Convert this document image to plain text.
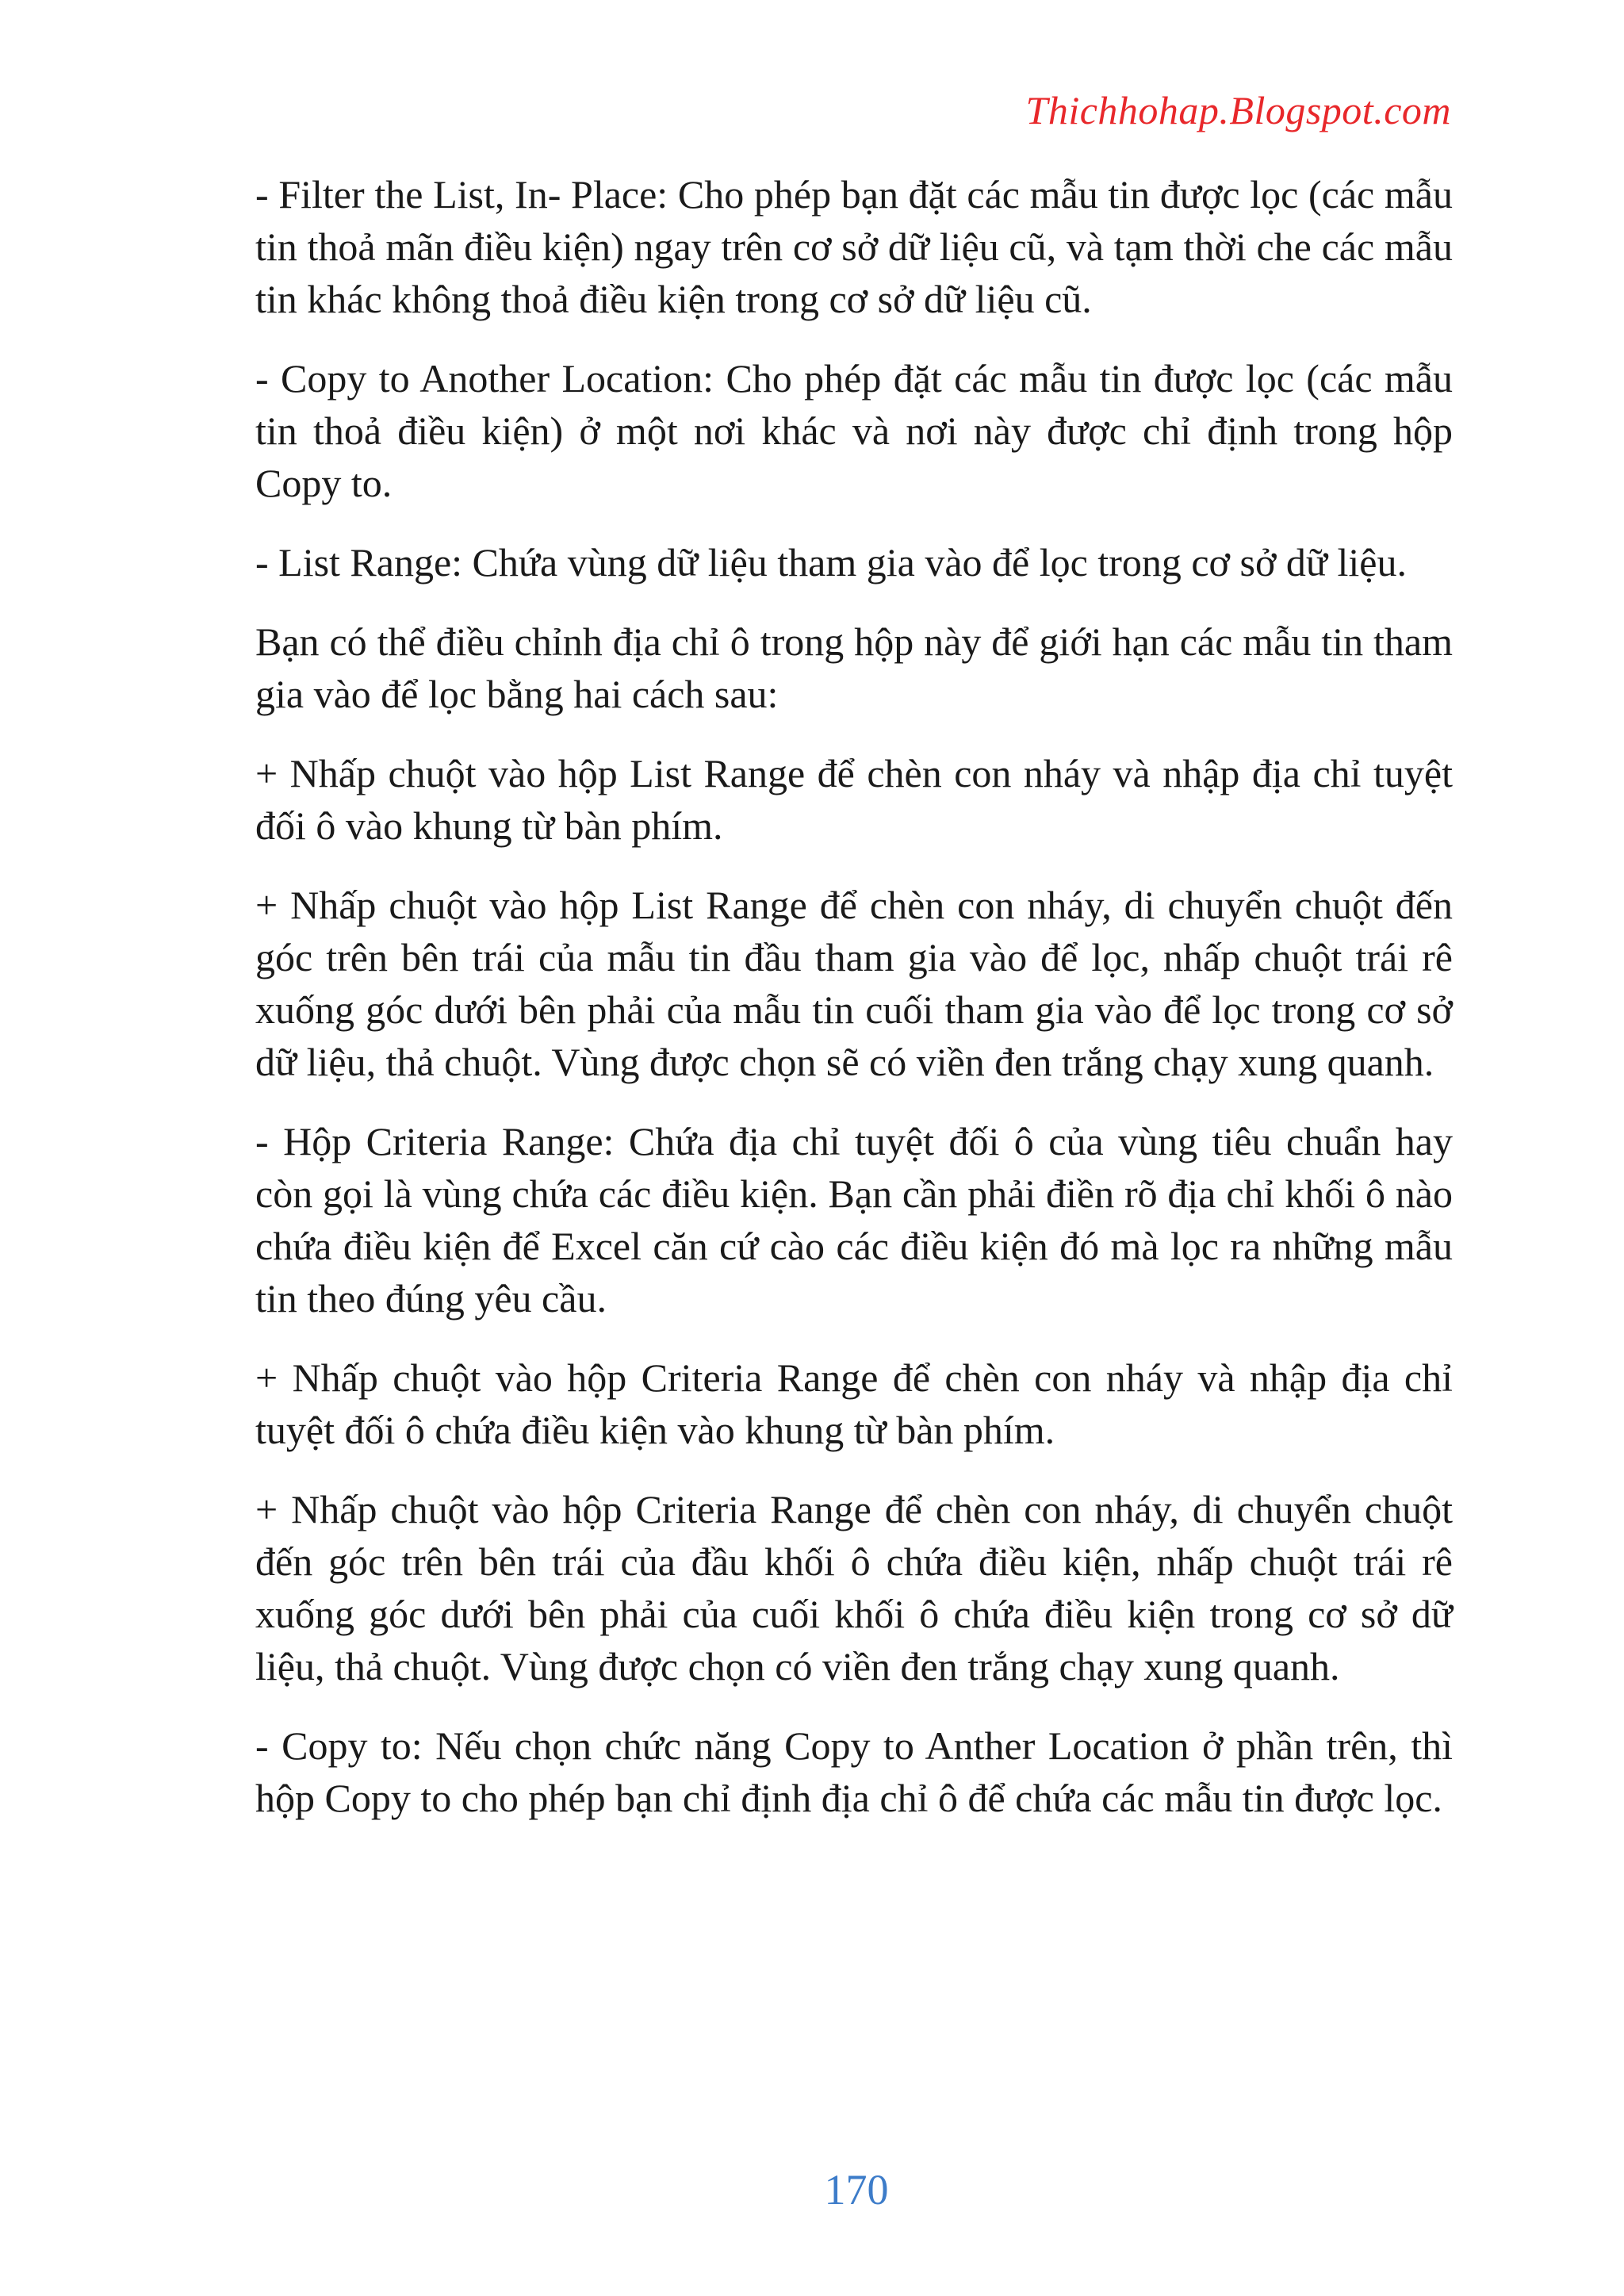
Thichhohap.Blogspot.com

- Filter the List, In- Place: Cho phép bạn đặt các mẫu tin được lọc (các mẫu tin thoả mãn điều kiện) ngay trên cơ sở dữ liệu cũ, và tạm thời che các mẫu tin khác không thoả điều kiện trong cơ sở dữ liệu cũ.

- Copy to Another Location: Cho phép đặt các mẫu tin được lọc (các mẫu tin thoả điều kiện) ở một nơi khác và nơi này được chỉ định trong hộp Copy to.

- List Range: Chứa vùng dữ liệu tham gia vào để lọc trong cơ sở dữ liệu.

Bạn có thể điều chỉnh địa chỉ ô trong hộp này để giới hạn các mẫu tin tham gia vào để lọc bằng hai cách sau:

+ Nhấp chuột vào hộp List Range để chèn con nháy và nhập địa chỉ tuyệt đối ô vào khung từ bàn phím.

+ Nhấp chuột vào hộp List Range để chèn con nháy, di chuyển chuột đến góc trên bên trái của mẫu tin đầu tham gia vào để lọc, nhấp chuột trái rê xuống góc dưới bên phải của mẫu tin cuối tham gia vào để lọc trong cơ sở dữ liệu, thả chuột. Vùng được chọn sẽ có viền đen trắng chạy xung quanh.

- Hộp Criteria Range: Chứa địa chỉ tuyệt đối ô của vùng tiêu chuẩn hay còn gọi là vùng chứa các điều kiện. Bạn cần phải điền rõ địa chỉ khối ô nào chứa điều kiện để Excel căn cứ cào các điều kiện đó mà lọc ra những mẫu tin theo đúng yêu cầu.

+ Nhấp chuột vào hộp Criteria Range để chèn con nháy và nhập địa chỉ tuyệt đối ô chứa điều kiện vào khung từ bàn phím.

+ Nhấp chuột vào hộp Criteria Range để chèn con nháy, di chuyển chuột đến góc trên bên trái của đầu khối ô chứa điều kiện, nhấp chuột trái rê xuống góc dưới bên phải của cuối khối ô chứa điều kiện trong cơ sở dữ liệu, thả chuột. Vùng được chọn có viền đen trắng chạy xung quanh.

- Copy to: Nếu chọn chức năng Copy to Anther Location ở phần trên, thì hộp Copy to cho phép bạn chỉ định địa chỉ ô để chứa các mẫu tin được lọc.

170
